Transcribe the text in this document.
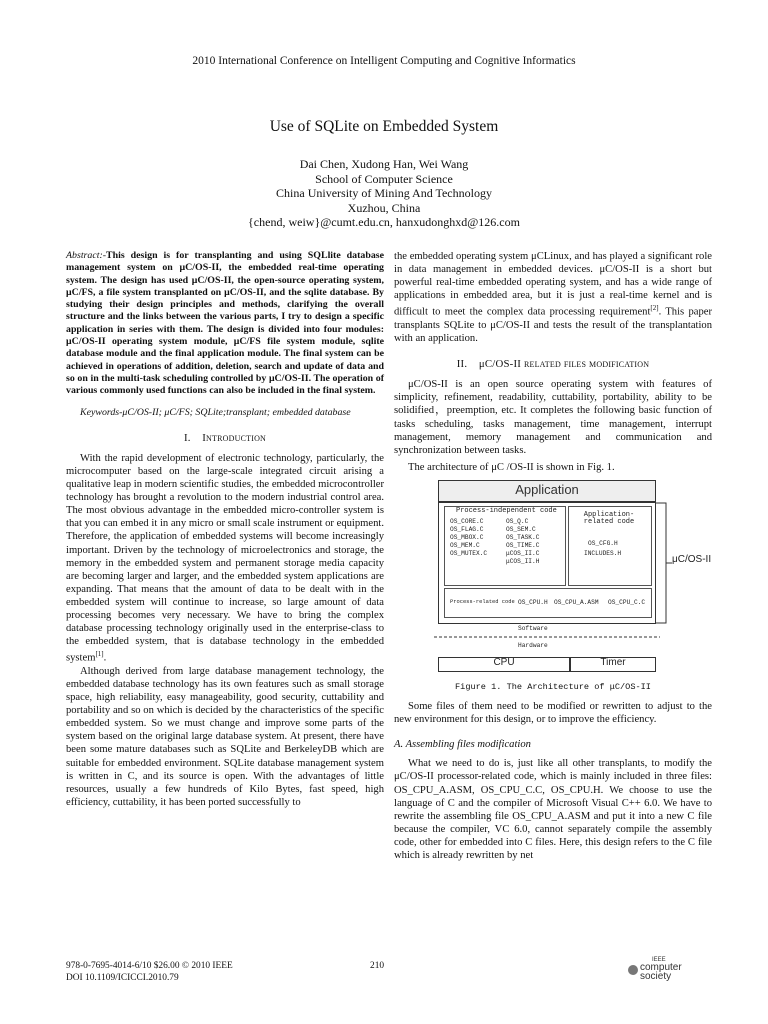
2010 International Conference on Intelligent Computing and Cognitive Informatics
Use of SQLite on Embedded System
Dai Chen, Xudong Han, Wei Wang
School of Computer Science
China University of Mining And Technology
Xuzhou, China
{chend, weiw}@cumt.edu.cn, hanxudonghxd@126.com

Abstract:-This design is for transplanting and using SQLlite database management system on μC/OS-II, the embedded real-time operating system. The design has used μC/OS-II, the open-source operating system, μC/FS, a file system transplanted on μC/OS-II, and the sqlite database. By studying their design principles and methods, clarifying the overall structure and the links between the various parts, I try to design a specific application in series with them. The design is divided into four modules: μC/OS-II operating system module, μC/FS file system module, sqlite database module and the final application module. The final system can be achieved in operations of addition, deletion, search and update of data and so on in the multi-task scheduling controlled by μC/OS-II. The operation of various commonly used functions can also be included in the final system.

Keywords-μC/OS-II; μC/FS; SQLite;transplant; embedded database

I. Introduction

With the rapid development of electronic technology, particularly, the microcomputer based on the large-scale integrated circuit arising a qualitative leap in modern scientific studies, the embedded microcontroller technology has brought a revolution to the modern industrial control area. The most obvious advantage in the embedded micro-controller system is that you can embed it in any micro or small scale instrument or equipment. Therefore, the application of embedded systems will become increasingly important. Driven by the technology of microelectronics and storage, the memory in the embedded system and permanent storage media capacity are becoming larger and larger, and the embedded system applications are expanding. That means that the amount of data to be dealt with in the embedded system will continue to increase, so large amount of data processing becomes very necessary. We have to bring the complex database processing technology originally used in the enterprise-class to the embedded system, that is database technology in the embedded system[1].

Although derived from large database management technology, the embedded database technology has its own features such as small storage space, high reliability, easy manageability, good security, cuttability and portability and so on which is decided by the characteristics of the specific embedded system. So we must change and improve some parts of the system based on the original large database system. At present, there have been some mature databases such as SQLite and BerkeleyDB which are suitable for embedded environment. SQLite database management system is written in C, and its source is open. With the advantages of little resources, usually a few hundreds of Kilo Bytes, fast speed, high efficiency, cuttability, it has been ported successfully to

the embedded operating system μCLinux, and has played a significant role in data management in embedded devices. μC/OS-II is a short but powerful real-time embedded operating system, and has a wide range of applications in embedded area, but it is just a real-time kernel and is difficult to meet the complex data processing requirement[2]. This paper transplants SQLite to μC/OS-II and tests the result of the transplantation with an application.

II. μC/OS-II related files modification

μC/OS-II is an open source operating system with features of simplicity, refinement, readability, cuttability, portability, ability to be solidified，preemption, etc. It completes the following basic function of tasks scheduling, tasks management, time management, interrupt management, memory management and communication and synchronization between tasks.

The architecture of μC /OS-II is shown in Fig. 1.

Application
Process-independent code
OS_CORE.C
OS_FLAG.C
OS_MBOX.C
OS_MEM.C
OS_MUTEX.C
OS_Q.C
OS_SEM.C
OS_TASK.C
OS_TIME.C
μCOS_II.C
μCOS_II.H
Application-related code
OS_CFG.H
INCLUDES.H
Process-related code OS_CPU.H OS_CPU_A.ASM OS_CPU_C.C
μC/OS-II
Software
Hardware
CPU	Timer
Figure 1. The Architecture of μC/OS-II

Some files of them need to be modified or rewritten to adjust to the new environment for this design, or to improve the efficiency.

A. Assembling files modification

What we need to do is, just like all other transplants, to modify the μC/OS-II processor-related code, which is mainly included in three files: OS_CPU_A.ASM, OS_CPU_C.C, OS_CPU.H. We choose to use the language of C and the compiler of Microsoft Visual C++ 6.0. We have to rewrite the assembling file OS_CPU_A.ASM and put it into a new C file because the compiler, VC 6.0, cannot separately compile the assembly code, other for embedded into C files. Here, this design refers to the C file which is already rewritten by net

978-0-7695-4014-6/10 $26.00 © 2010 IEEE
DOI 10.1109/ICICCI.2010.79
210
IEEE
computer society
